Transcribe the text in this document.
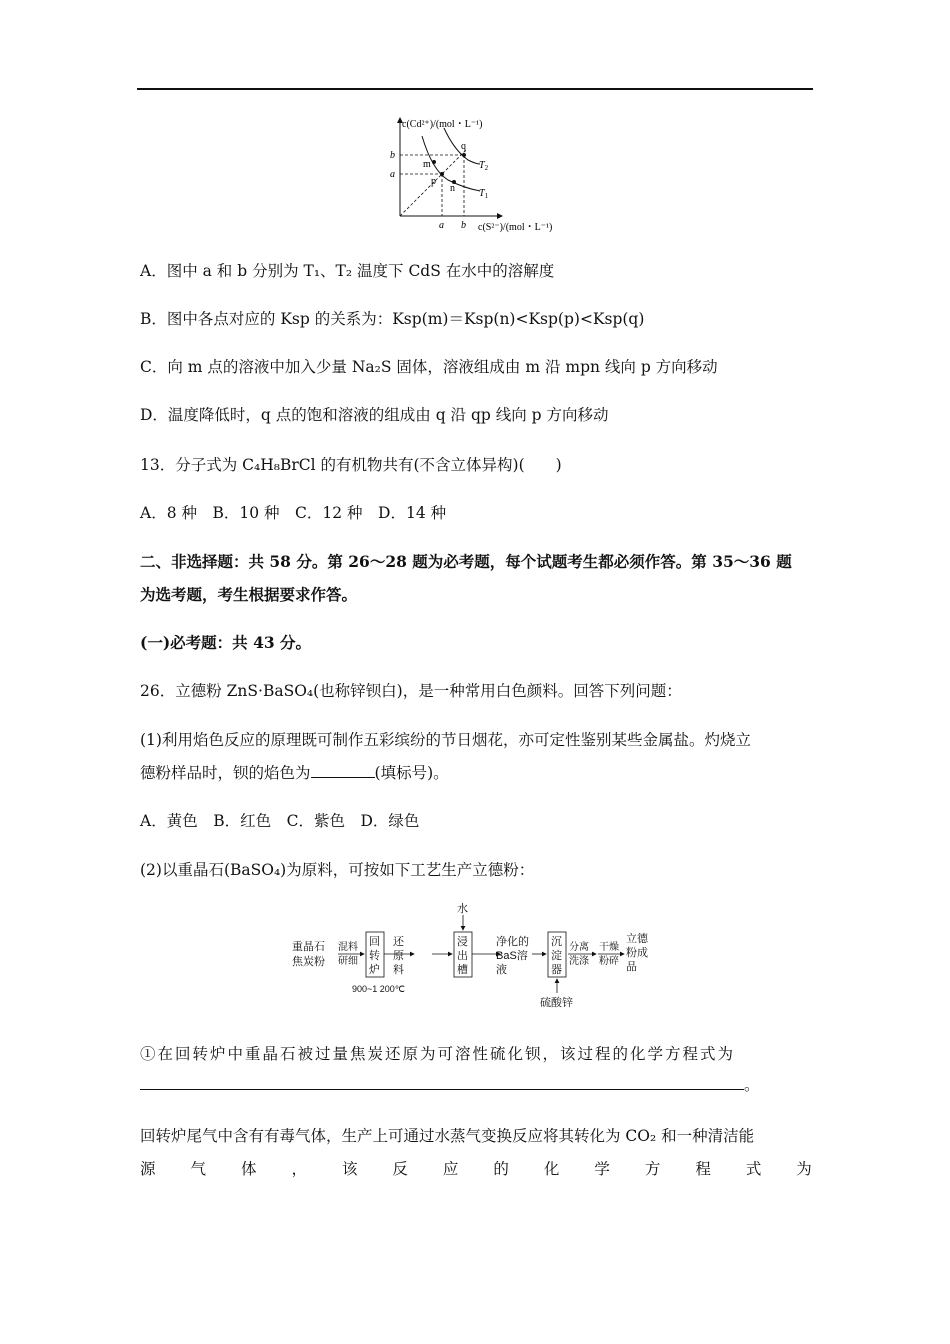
c(Cd²⁺)/(mol・L⁻¹)
c(S²⁻)/(mol・L⁻¹)
b
a
a b
q
m
p
n
$T_2$
$T_1$
A．图中 a 和 b 分别为 T₁、T₂ 温度下 CdS 在水中的溶解度
B．图中各点对应的 Ksp 的关系为：Ksp(m)＝Ksp(n)<Ksp(p)<Ksp(q)
C．向 m 点的溶液中加入少量 Na₂S 固体，溶液组成由 m 沿 mpn 线向 p 方向移动
D．温度降低时，q 点的饱和溶液的组成由 q 沿 qp 线向 p 方向移动
13．分子式为 C₄H₈BrCl 的有机物共有(不含立体异构)(　　)
A．8 种　B．10 种　C．12 种　D．14 种
二、非选择题：共 58 分。第 26～28 题为必考题，每个试题考生都必须作答。第 35～36 题
为选考题，考生根据要求作答。
(一)必考题：共 43 分。
26．立德粉 ZnS·BaSO₄(也称锌钡白)，是一种常用白色颜料。回答下列问题：
(1)利用焰色反应的原理既可制作五彩缤纷的节日烟花，亦可定性鉴别某些金属盐。灼烧立
德粉样品时，钡的焰色为	(填标号)。
A．黄色　B．红色　C．紫色　D．绿色
(2)以重晶石(BaSO₄)为原料，可按如下工艺生产立德粉：
重晶石
焦炭粉
混料
研细
回
转
炉
900~1 200℃
还
原
料
水
浸
出
槽
净化的
BaS溶
液
沉
淀
器
硫酸锌
分离
洗涤
干燥
粉碎
立德
粉成
品
①在回转炉中重晶石被过量焦炭还原为可溶性硫化钡，该过程的化学方程式为
。
回转炉尾气中含有有毒气体，生产上可通过水蒸气变换反应将其转化为 CO₂ 和一种清洁能
源 气 体 ， 该 反 应 的 化 学 方 程 式 为
